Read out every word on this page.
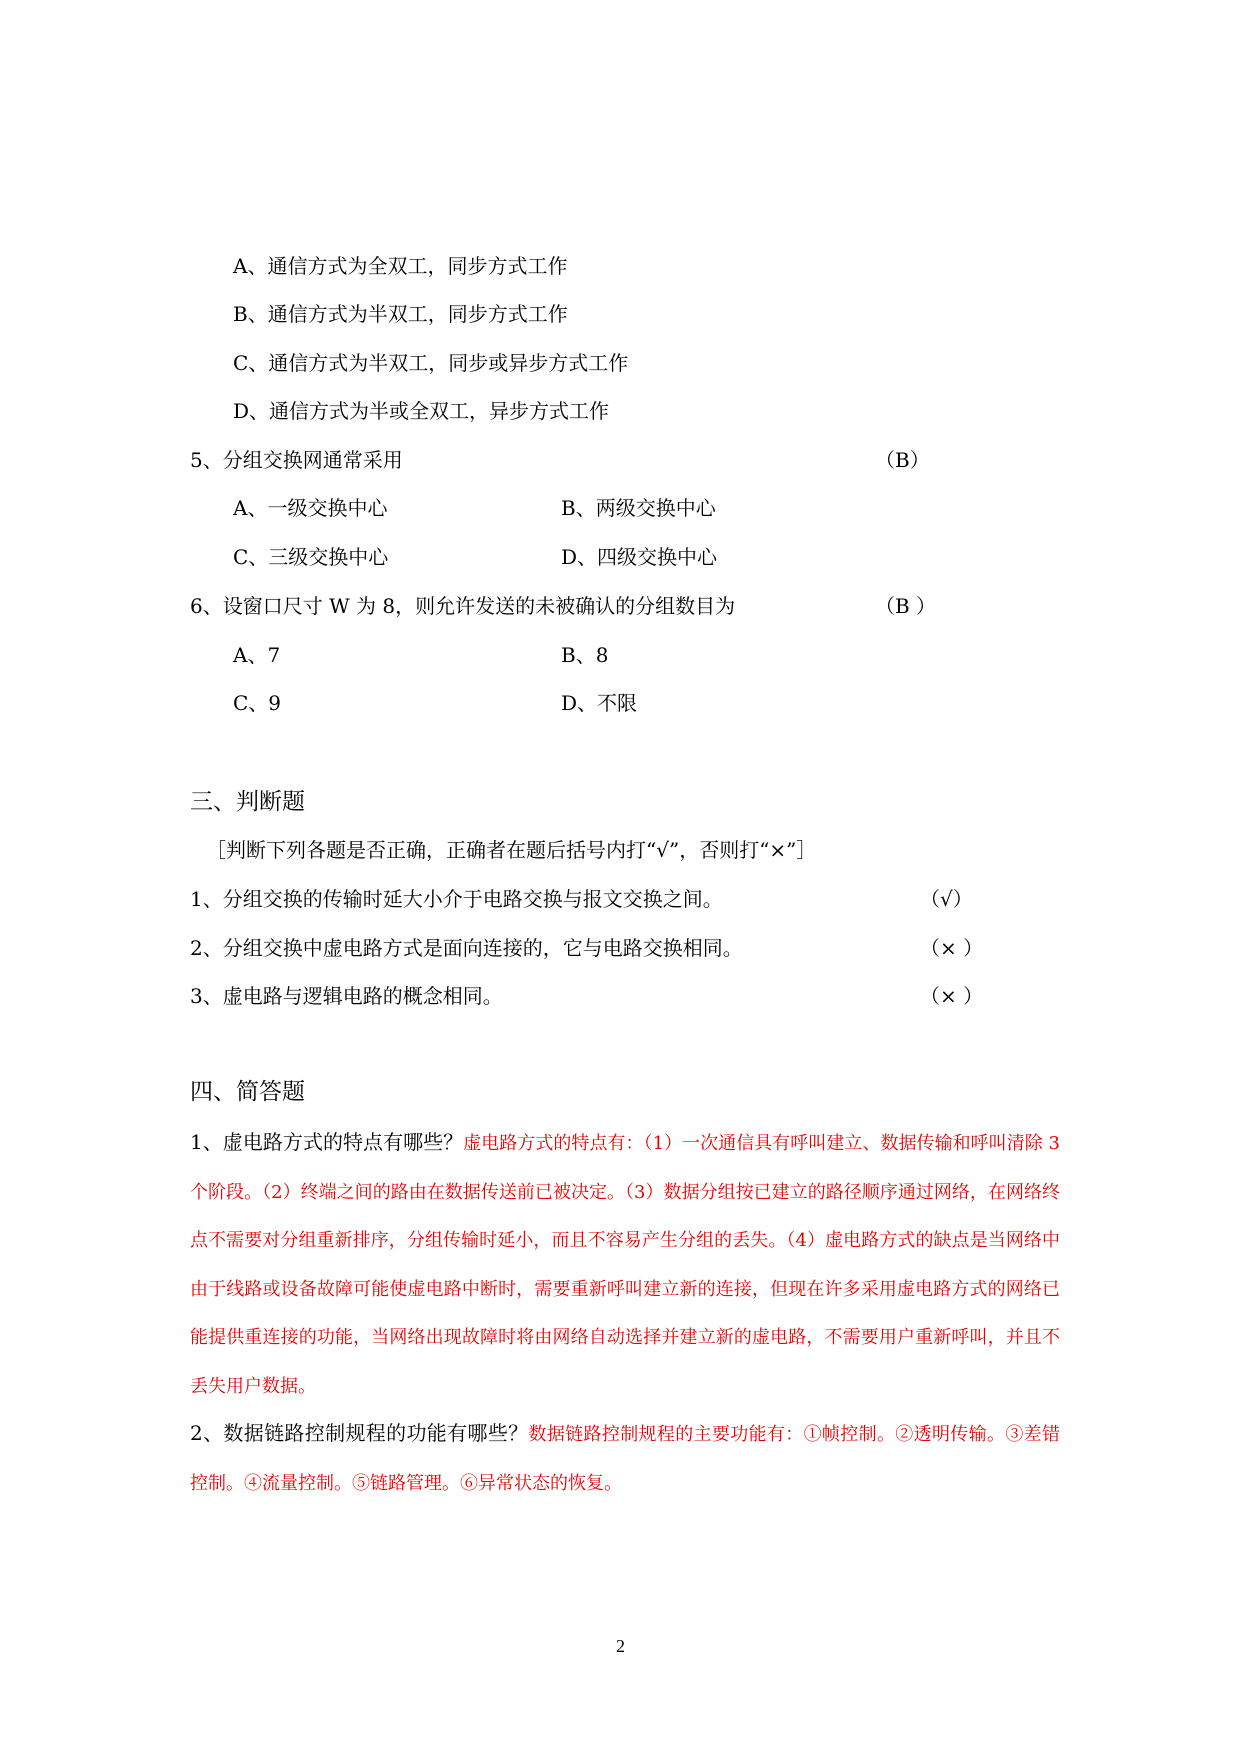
A、通信方式为全双工，同步方式工作
B、通信方式为半双工，同步方式工作
C、通信方式为半双工，同步或异步方式工作
D、通信方式为半或全双工，异步方式工作
5、分组交换网通常采用	（B）
A、一级交换中心	B、两级交换中心
C、三级交换中心	D、四级交换中心
6、设窗口尺寸 W 为 8，则允许发送的未被确认的分组数目为	（B ）
A、7	B、8
C、9	D、不限
三、判断题
［判断下列各题是否正确，正确者在题后括号内打“√”，否则打“×”］
1、分组交换的传输时延大小介于电路交换与报文交换之间。	（√）
2、分组交换中虚电路方式是面向连接的，它与电路交换相同。	（× ）
3、虚电路与逻辑电路的概念相同。	（× ）
四、简答题
1、虚电路方式的特点有哪些？虚电路方式的特点有：（1）一次通信具有呼叫建立、数据传输和呼叫清除 3 个阶段。（2）终端之间的路由在数据传送前已被决定。（3）数据分组按已建立的路径顺序通过网络，在网络终点不需要对分组重新排序，分组传输时延小，而且不容易产生分组的丢失。（4）虚电路方式的缺点是当网络中由于线路或设备故障可能使虚电路中断时，需要重新呼叫建立新的连接，但现在许多采用虚电路方式的网络已能提供重连接的功能，当网络出现故障时将由网络自动选择并建立新的虚电路，不需要用户重新呼叫，并且不丢失用户数据。
2、数据链路控制规程的功能有哪些？数据链路控制规程的主要功能有：①帧控制。②透明传输。③差错控制。④流量控制。⑤链路管理。⑥异常状态的恢复。
2
